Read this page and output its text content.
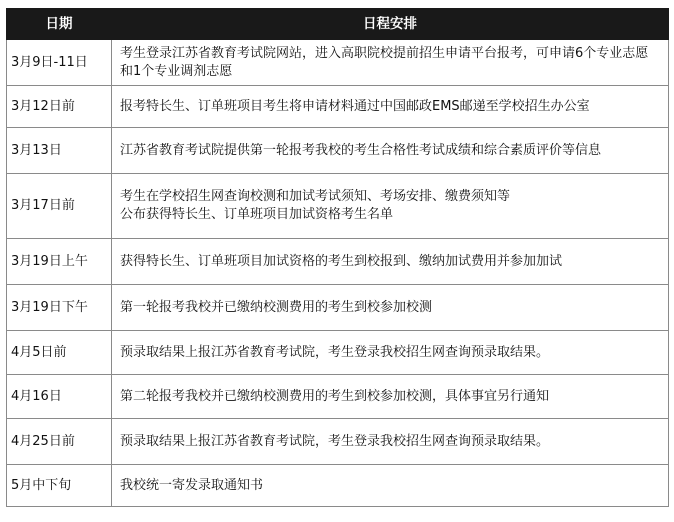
日期	日程安排
3月9日-11日	考生登录江苏省教育考试院网站，进入高职院校提前招生申请平台报考，可申请6个专业志愿
和1个专业调剂志愿

3月12日前	报考特长生、订单班项目考生将申请材料通过中国邮政EMS邮递至学校招生办公室

3月13日	江苏省教育考试院提供第一轮报考我校的考生合格性考试成绩和综合素质评价等信息

3月17日前	考生在学校招生网查询校测和加试考试须知、考场安排、缴费须知等
公布获得特长生、订单班项目加试资格考生名单

3月19日上午	获得特长生、订单班项目加试资格的考生到校报到、缴纳加试费用并参加加试

3月19日下午	第一轮报考我校并已缴纳校测费用的考生到校参加校测

4月5日前	预录取结果上报江苏省教育考试院，考生登录我校招生网查询预录取结果。

4月16日	第二轮报考我校并已缴纳校测费用的考生到校参加校测，具体事宜另行通知

4月25日前	预录取结果上报江苏省教育考试院，考生登录我校招生网查询预录取结果。

5月中下旬	我校统一寄发录取通知书
